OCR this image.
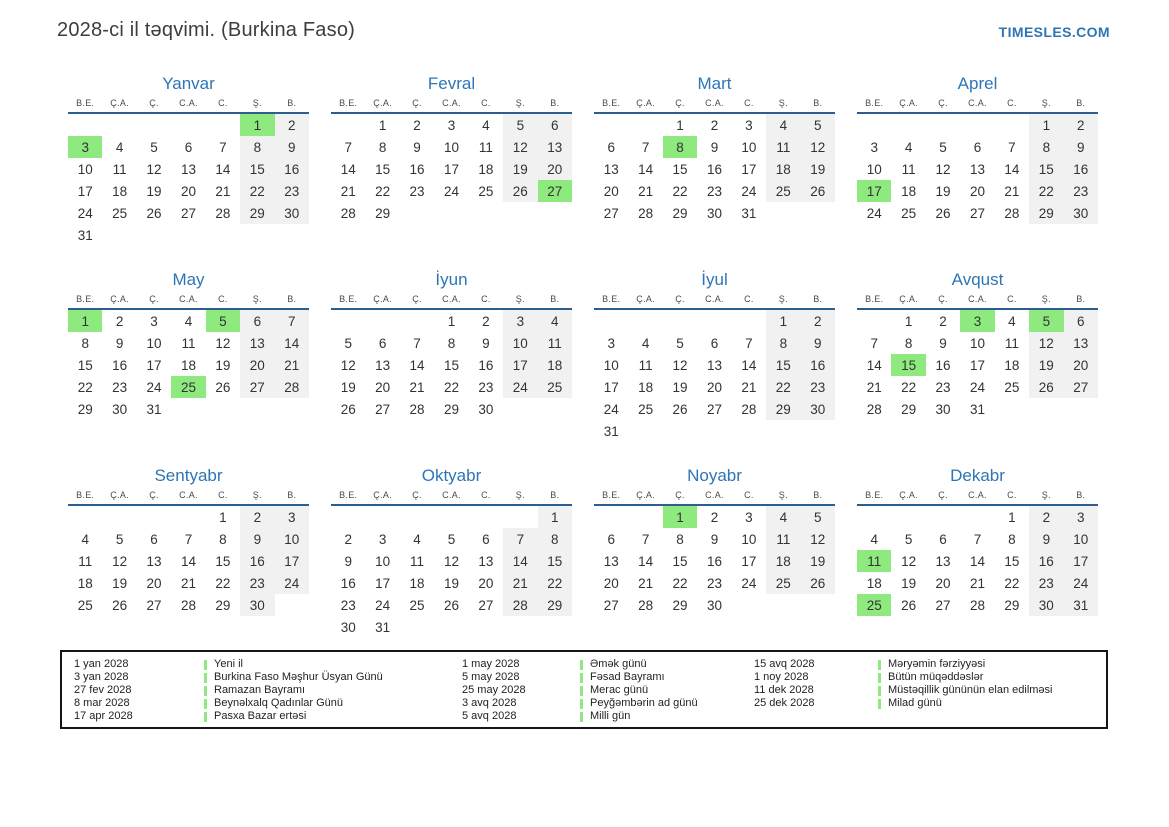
2028-ci il təqvimi. (Burkina Faso)	TIMESLES.COM
Yanvar
B.E.	Ç.A.	Ç.	C.A.	C.	Ş.	B.
					1	2
3	4	5	6	7	8	9
10	11	12	13	14	15	16
17	18	19	20	21	22	23
24	25	26	27	28	29	30
31						
Fevral
B.E.	Ç.A.	Ç.	C.A.	C.	Ş.	B.
	1	2	3	4	5	6
7	8	9	10	11	12	13
14	15	16	17	18	19	20
21	22	23	24	25	26	27
28	29					
Mart
B.E.	Ç.A.	Ç.	C.A.	C.	Ş.	B.
		1	2	3	4	5
6	7	8	9	10	11	12
13	14	15	16	17	18	19
20	21	22	23	24	25	26
27	28	29	30	31		
Aprel
B.E.	Ç.A.	Ç.	C.A.	C.	Ş.	B.
					1	2
3	4	5	6	7	8	9
10	11	12	13	14	15	16
17	18	19	20	21	22	23
24	25	26	27	28	29	30
May
B.E.	Ç.A.	Ç.	C.A.	C.	Ş.	B.
1	2	3	4	5	6	7
8	9	10	11	12	13	14
15	16	17	18	19	20	21
22	23	24	25	26	27	28
29	30	31				
İyun
B.E.	Ç.A.	Ç.	C.A.	C.	Ş.	B.
			1	2	3	4
5	6	7	8	9	10	11
12	13	14	15	16	17	18
19	20	21	22	23	24	25
26	27	28	29	30		
İyul
B.E.	Ç.A.	Ç.	C.A.	C.	Ş.	B.
					1	2
3	4	5	6	7	8	9
10	11	12	13	14	15	16
17	18	19	20	21	22	23
24	25	26	27	28	29	30
31						
Avqust
B.E.	Ç.A.	Ç.	C.A.	C.	Ş.	B.
	1	2	3	4	5	6
7	8	9	10	11	12	13
14	15	16	17	18	19	20
21	22	23	24	25	26	27
28	29	30	31			
Sentyabr
B.E.	Ç.A.	Ç.	C.A.	C.	Ş.	B.
				1	2	3
4	5	6	7	8	9	10
11	12	13	14	15	16	17
18	19	20	21	22	23	24
25	26	27	28	29	30	
Oktyabr
B.E.	Ç.A.	Ç.	C.A.	C.	Ş.	B.
						1
2	3	4	5	6	7	8
9	10	11	12	13	14	15
16	17	18	19	20	21	22
23	24	25	26	27	28	29
30	31					
Noyabr
B.E.	Ç.A.	Ç.	C.A.	C.	Ş.	B.
		1	2	3	4	5
6	7	8	9	10	11	12
13	14	15	16	17	18	19
20	21	22	23	24	25	26
27	28	29	30			
Dekabr
B.E.	Ç.A.	Ç.	C.A.	C.	Ş.	B.
				1	2	3
4	5	6	7	8	9	10
11	12	13	14	15	16	17
18	19	20	21	22	23	24
25	26	27	28	29	30	31
1 yan 2028	Yeni il
3 yan 2028	Burkina Faso Məşhur Üsyan Günü
27 fev 2028	Ramazan Bayramı
8 mar 2028	Beynəlxalq Qadınlar Günü
17 apr 2028	Pasxa Bazar ertəsi
1 may 2028	Əmək günü
5 may 2028	Fəsad Bayramı
25 may 2028	Merac günü
3 avq 2028	Peyğəmbərin ad günü
5 avq 2028	Milli gün
15 avq 2028	Məryəmin fərziyyəsi
1 noy 2028	Bütün müqəddəslər
11 dek 2028	Müstəqillik gününün elan edilməsi
25 dek 2028	Milad günü
